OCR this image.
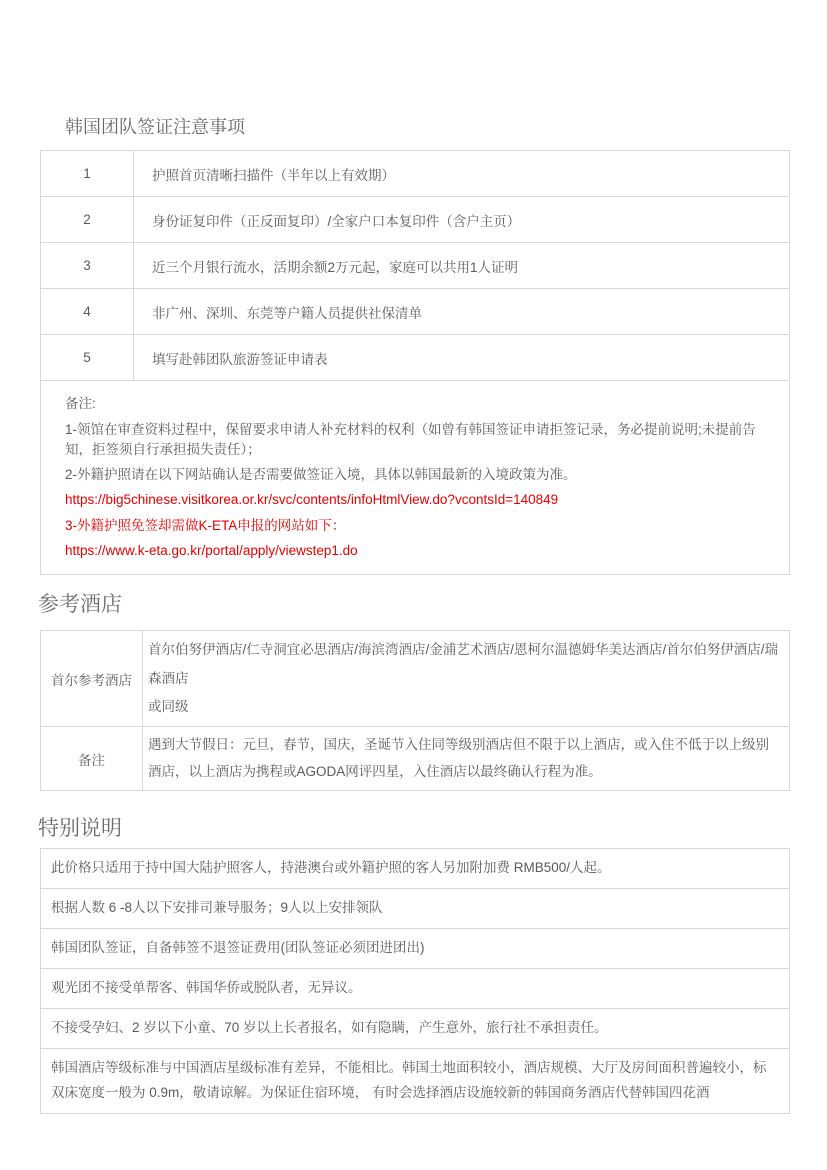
韩国团队签证注意事项
1	护照首页清晰扫描件（半年以上有效期）
2	身份证复印件（正反面复印）/全家户口本复印件（含户主页）
3	近三个月银行流水，活期余额2万元起，家庭可以共用1人证明
4	非广州、深圳、东莞等户籍人员提供社保清单
5	填写赴韩团队旅游签证申请表

备注:

1-领馆在审查资料过程中，保留要求申请人补充材料的权利（如曾有韩国签证申请拒签记录，务必提前说明;未提前告知，拒签须自行承担损失责任）；

2-外籍护照请在以下网站确认是否需要做签证入境，具体以韩国最新的入境政策为准。

https://big5chinese.visitkorea.or.kr/svc/contents/infoHtmlView.do?vcontsId=140849

3-外籍护照免签却需做K-ETA申报的网站如下：

https://www.k-eta.go.kr/portal/apply/viewstep1.do

参考酒店
首尔参考酒店	首尔伯努伊酒店/仁寺洞宜必思酒店/海滨湾酒店/金浦艺术酒店/恩柯尔温德姆华美达酒店/首尔伯努伊酒店/瑞森酒店

或同级

备注	遇到大节假日：元旦，春节，国庆，圣诞节入住同等级别酒店但不限于以上酒店，或入住不低于以上级别酒店，以上酒店为携程或AGODA网评四星，入住酒店以最终确认行程为准。

特别说明
此价格只适用于持中国大陆护照客人，持港澳台或外籍护照的客人另加附加费 RMB500/人起。
根据人数 6 -8人以下安排司兼导服务；9人以上安排领队
韩国团队签证，自备韩签不退签证费用(团队签证必须团进团出)
观光团不接受单帮客、韩国华侨或脱队者，无异议。
不接受孕妇、2 岁以下小童、70 岁以上长者报名，如有隐瞒，产生意外，旅行社不承担责任。
韩国酒店等级标准与中国酒店星级标准有差异，不能相比。韩国土地面积较小，酒店规模、大厅及房间面积普遍较小，标双床宽度一般为 0.9m，敬请谅解。为保证住宿环境， 有时会选择酒店设施较新的韩国商务酒店代替韩国四花酒
